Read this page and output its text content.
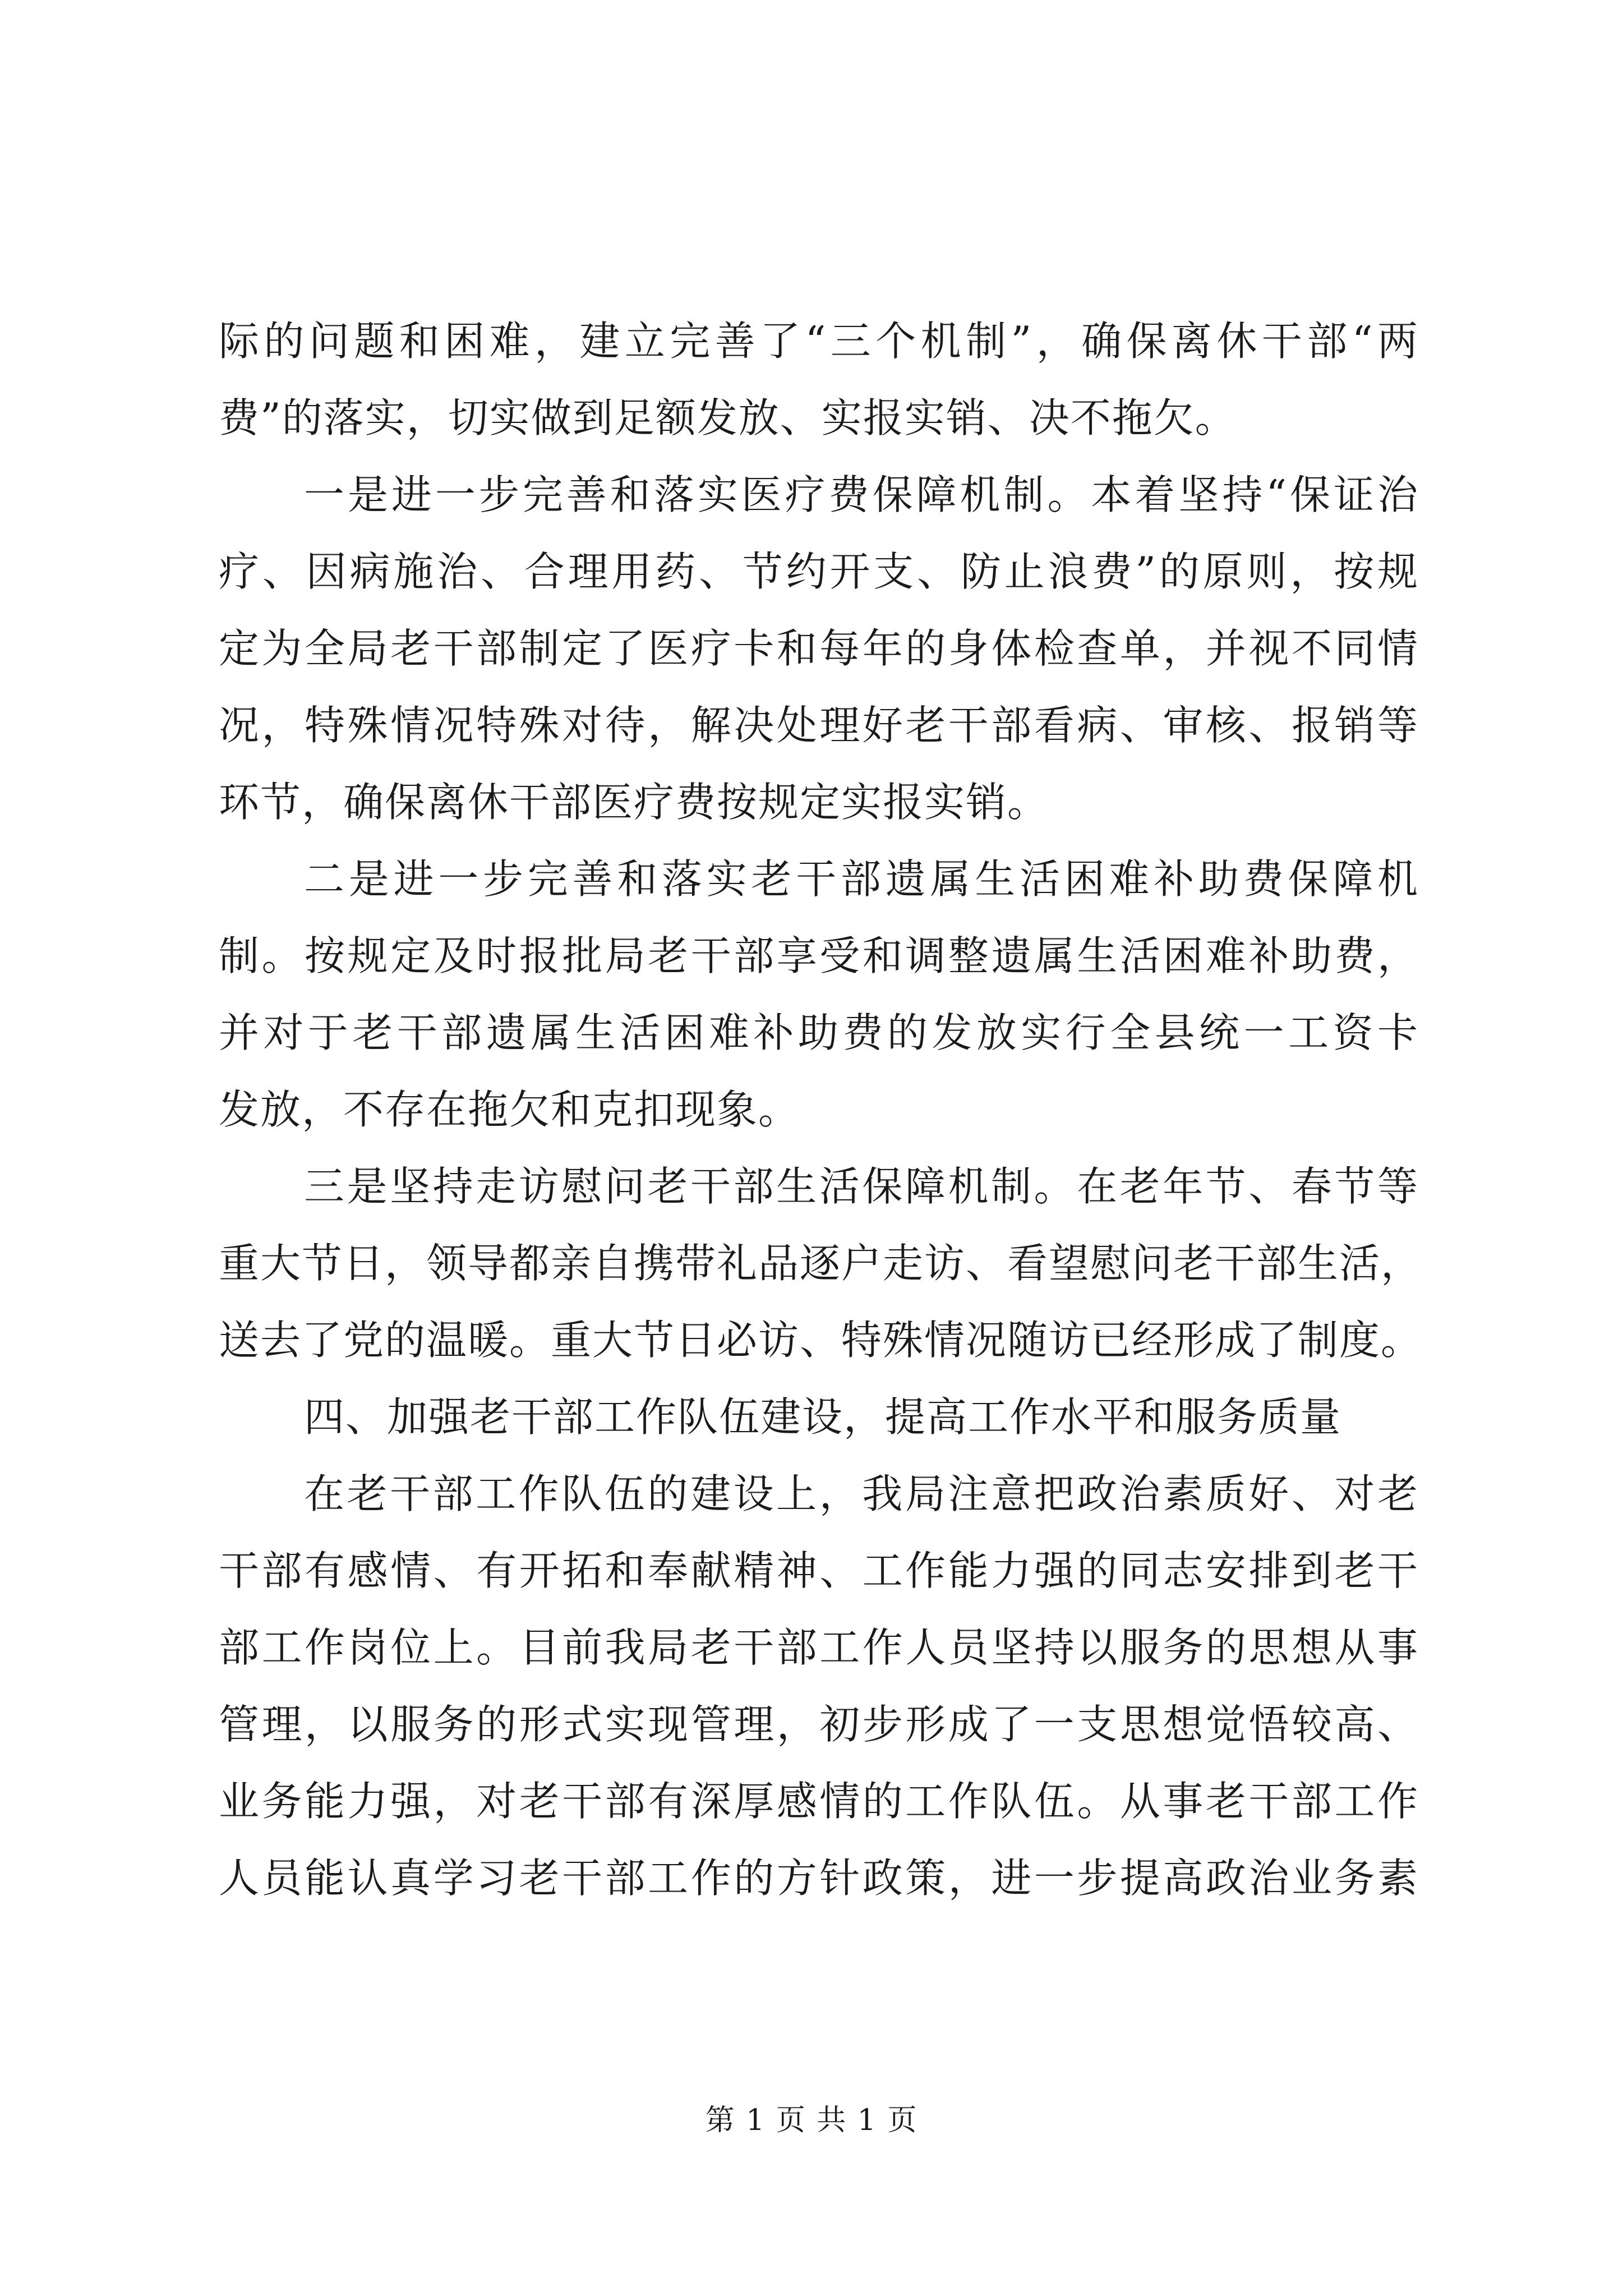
际的问题和困难，建立完善了“三个机制”，确保离休干部“两
费”的落实，切实做到足额发放、实报实销、决不拖欠。
一是进一步完善和落实医疗费保障机制。本着坚持“保证治
疗、因病施治、合理用药、节约开支、防止浪费”的原则，按规
定为全局老干部制定了医疗卡和每年的身体检查单，并视不同情
况，特殊情况特殊对待，解决处理好老干部看病、审核、报销等
环节，确保离休干部医疗费按规定实报实销。
二是进一步完善和落实老干部遗属生活困难补助费保障机
制。按规定及时报批局老干部享受和调整遗属生活困难补助费，
并对于老干部遗属生活困难补助费的发放实行全县统一工资卡
发放，不存在拖欠和克扣现象。
三是坚持走访慰问老干部生活保障机制。在老年节、春节等
重大节日，领导都亲自携带礼品逐户走访、看望慰问老干部生活，
送去了党的温暖。重大节日必访、特殊情况随访已经形成了制度。
四、加强老干部工作队伍建设，提高工作水平和服务质量
在老干部工作队伍的建设上，我局注意把政治素质好、对老
干部有感情、有开拓和奉献精神、工作能力强的同志安排到老干
部工作岗位上。目前我局老干部工作人员坚持以服务的思想从事
管理，以服务的形式实现管理，初步形成了一支思想觉悟较高、
业务能力强，对老干部有深厚感情的工作队伍。从事老干部工作
人员能认真学习老干部工作的方针政策，进一步提高政治业务素
第 1 页 共 1 页
